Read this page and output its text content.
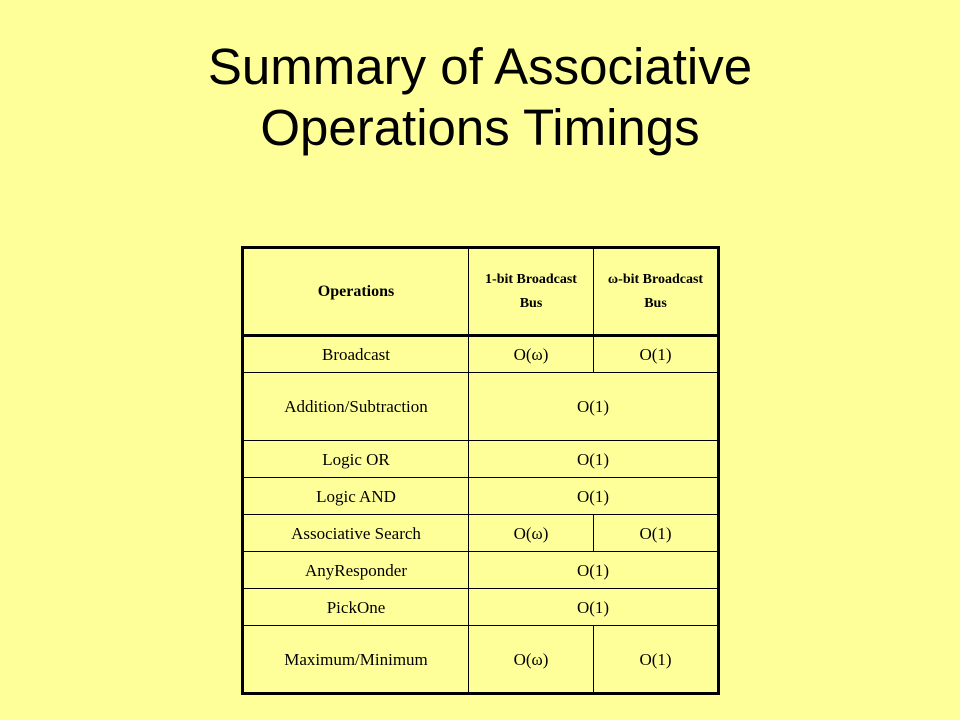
Summary of Associative
Operations Timings
Operations	1-bit Broadcast Bus	ω-bit Broadcast Bus
Broadcast	O(ω)	O(1)
Addition/Subtraction	O(1)	
Logic OR	O(1)	
Logic AND	O(1)	
Associative Search	O(ω)	O(1)
AnyResponder	O(1)	
PickOne	O(1)	
Maximum/Minimum	O(ω)	O(1)
